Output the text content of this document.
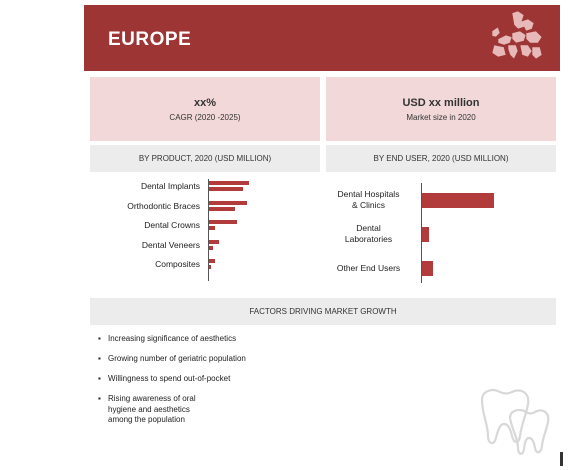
EUROPE
xx%
CAGR (2020 -2025)
USD xx million
Market size in 2020
BY PRODUCT, 2020 (USD MILLION)	BY END USER, 2020 (USD MILLION)
Dental Implants
Orthodontic Braces
Dental Crowns
Dental Veneers
Composites
Dental Hospitals
& Clinics
Dental
Laboratories
Other End Users
FACTORS DRIVING MARKET GROWTH
▪ Increasing significance of aesthetics
▪ Growing number of geriatric population
▪ Willingness to spend out-of-pocket
▪ Rising awareness of oral hygiene and aesthetics among the population
